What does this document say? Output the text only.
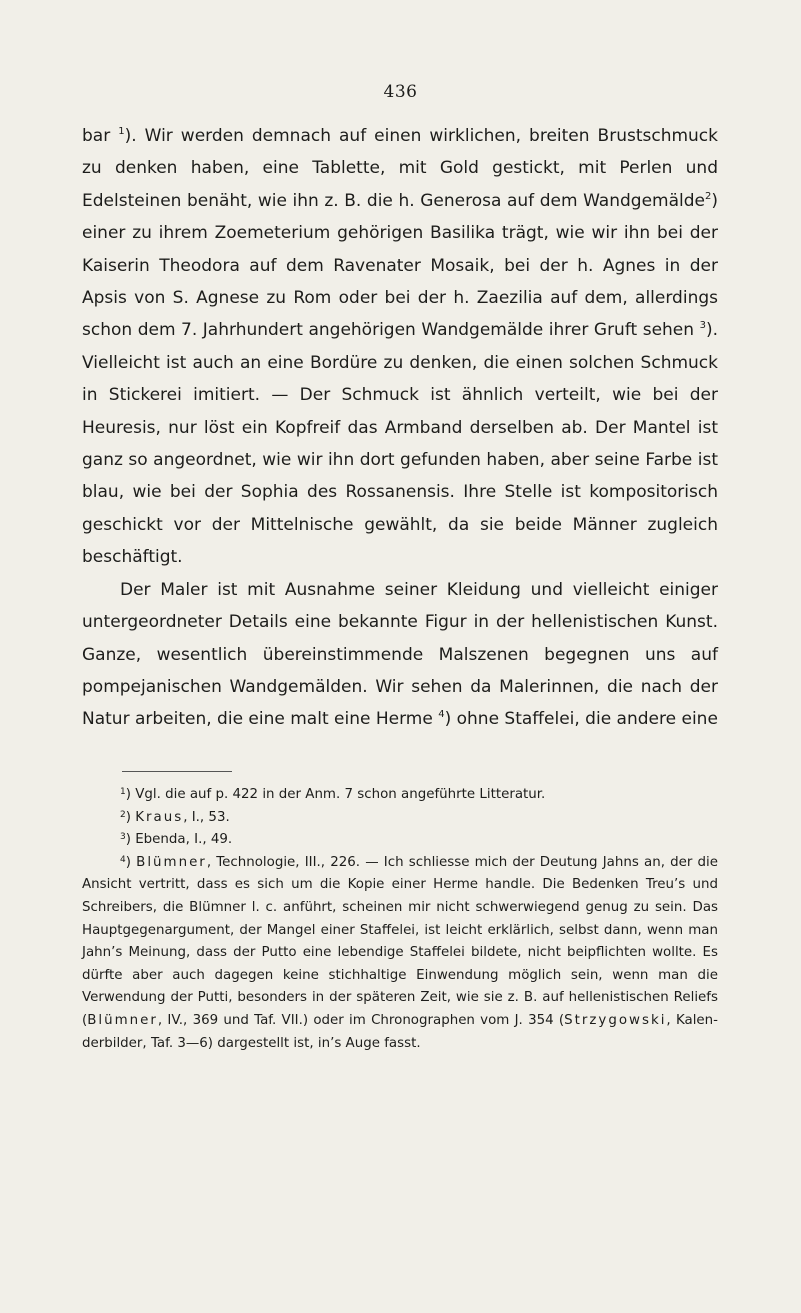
436

bar $^1$). Wir werden demnach auf einen wirklichen, breiten Brustschmuck zu denken haben, eine Tablette, mit Gold gestickt, mit Perlen und Edelsteinen benäht, wie ihn z. B. die h. Generosa auf dem Wandgemälde$^2$) einer zu ihrem Zoemeterium gehörigen Basilika trägt, wie wir ihn bei der Kaiserin Theodora auf dem Ravenater Mosaik, bei der h. Agnes in der Apsis von S. Agnese zu Rom oder bei der h. Zaezilia auf dem, allerdings schon dem 7. Jahrhundert angehörigen Wandgemälde ihrer Gruft sehen $^3$). Vielleicht ist auch an eine Bordüre zu denken, die einen solchen Schmuck in Stickerei imitiert. — Der Schmuck ist ähnlich verteilt, wie bei der Heuresis, nur löst ein Kopfreif das Armband derselben ab. Der Mantel ist ganz so angeordnet, wie wir ihn dort gefunden haben, aber seine Farbe ist blau, wie bei der Sophia des Rossanensis. Ihre Stelle ist kompositorisch geschickt vor der Mittelnische gewählt, da sie beide Männer zugleich beschäftigt.

Der Maler ist mit Ausnahme seiner Kleidung und vielleicht einiger untergeordneter Details eine bekannte Figur in der hellenistischen Kunst. Ganze, wesentlich übereinstimmende Malszenen begegnen uns auf pompejanischen Wandgemälden. Wir sehen da Malerinnen, die nach der Natur arbeiten, die eine malt eine Herme $^4$) ohne Staffelei, die andere eine

$^1$) Vgl. die auf p. 422 in der Anm. 7 schon angeführte Litteratur.

$^2$) Kraus, I., 53.

$^3$) Ebenda, I., 49.

$^4$) Blümner, Technologie, III., 226. — Ich schliesse mich der Deutung Jahns an, der die Ansicht vertritt, dass es sich um die Kopie einer Herme handle. Die Bedenken Treu’s und Schreibers, die Blümner l. c. anführt, scheinen mir nicht schwerwiegend genug zu sein. Das Hauptgegenargument, der Mangel einer Staffelei, ist leicht erklärlich, selbst dann, wenn man Jahn’s Meinung, dass der Putto eine lebendige Staffelei bildete, nicht beipflichten wollte. Es dürfte aber auch dagegen keine stichhaltige Einwendung möglich sein, wenn man die Verwendung der Putti, besonders in der späteren Zeit, wie sie z. B. auf hellenistischen Reliefs (Blümner, IV., 369 und Taf. VII.) oder im Chronographen vom J. 354 (Strzygowski, Kalenderbilder, Taf. 3—6) dargestellt ist, in’s Auge fasst.
